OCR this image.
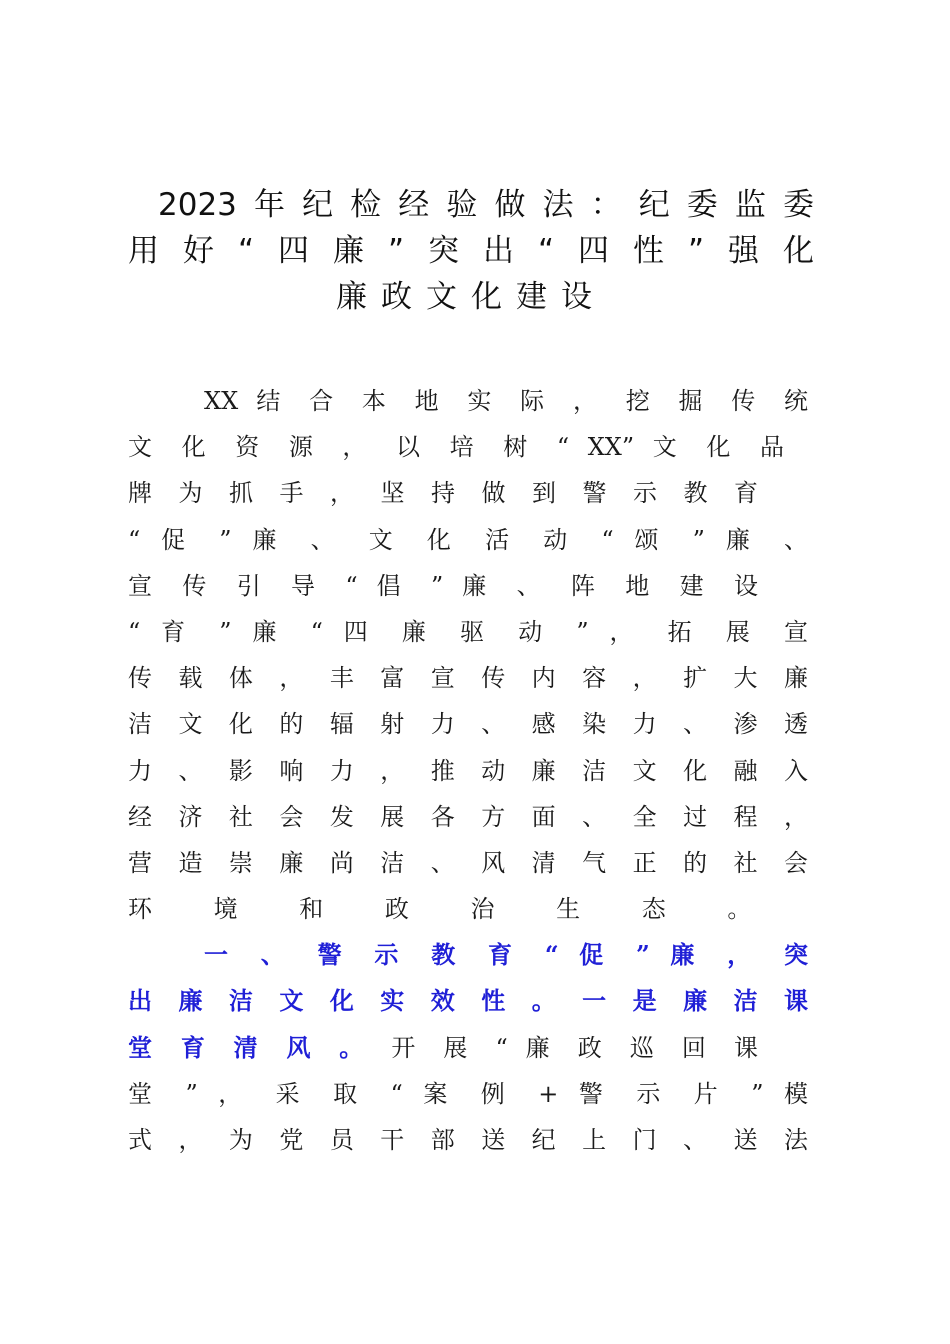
2023年纪检经验做法：纪委监委
用好“四廉”突出“四性”强化
廉政文化建设
XX 结 合 本 地 实 际 ， 挖 掘 传 统
文 化 资 源 ， 以 培 树 “ XX” 文 化 品
牌 为 抓 手 ， 坚 持 做 到 警 示 教 育
“ 促 ” 廉 、 文 化 活 动 “ 颂 ” 廉 、
宣 传 引 导 “ 倡 ” 廉 、 阵 地 建 设
“ 育 ” 廉 “ 四 廉 驱 动 ” ， 拓 展 宣
传 载 体 ， 丰 富 宣 传 内 容 ， 扩 大 廉
洁 文 化 的 辐 射 力 、 感 染 力 、 渗 透
力 、 影 响 力 ， 推 动 廉 洁 文 化 融 入
经 济 社 会 发 展 各 方 面 、 全 过 程 ，
营 造 崇 廉 尚 洁 、 风 清 气 正 的 社 会
环 境 和 政 治 生 态 。
一 、 警 示 教 育 “ 促 ” 廉 ， 突
出 廉 洁 文 化 实 效 性 。 一 是 廉 洁 课
堂 育 清 风 。 开 展 “ 廉 政 巡 回 课
堂 ” ， 采 取 “ 案 例 + 警 示 片 ” 模
式 ， 为 党 员 干 部 送 纪 上 门 、 送 法
